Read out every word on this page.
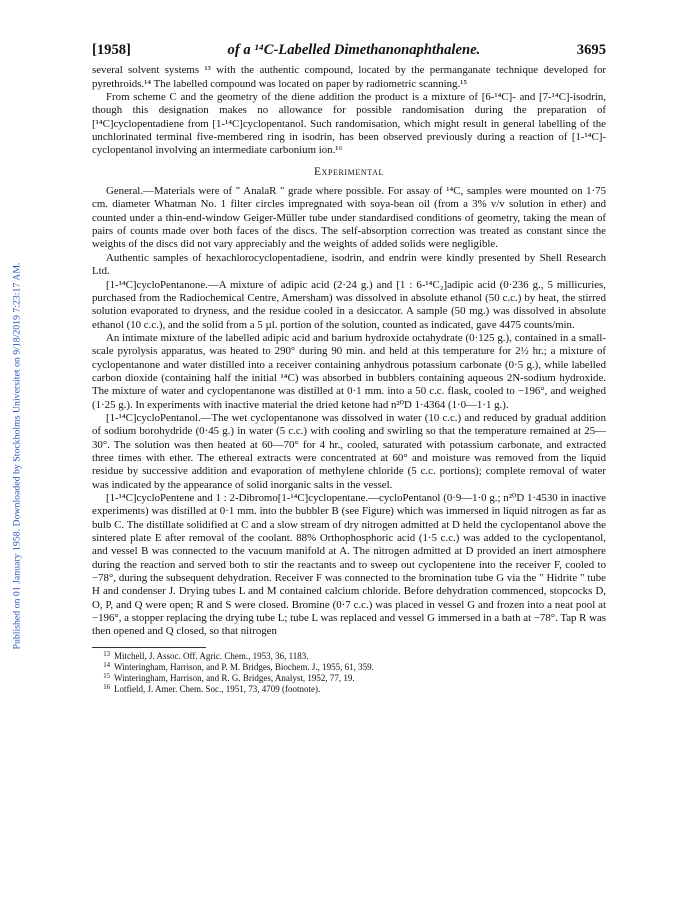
Published on 01 January 1958. Downloaded by Stockholms Universitet on 9/18/2019 7:23:17 AM.
[1958]	of a ¹⁴C-Labelled Dimethanonaphthalene.	3695

several solvent systems ¹³ with the authentic compound, located by the permanganate technique developed for pyrethroids.¹⁴ The labelled compound was located on paper by radiometric scanning.¹⁵

From scheme C and the geometry of the diene addition the product is a mixture of [6-¹⁴C]- and [7-¹⁴C]-isodrin, though this designation makes no allowance for possible randomisation during the preparation of [¹⁴C]cyclopentadiene from [1-¹⁴C]cyclopentanol. Such randomisation, which might result in general labelling of the unchlorinated terminal five-membered ring in isodrin, has been observed previously during a reaction of [1-¹⁴C]-cyclopentanol involving an intermediate carbonium ion.¹⁶

Experimental

General.—Materials were of " AnalaR " grade where possible. For assay of ¹⁴C, samples were mounted on 1·75 cm. diameter Whatman No. 1 filter circles impregnated with soya-bean oil (from a 3% v/v solution in ether) and counted under a thin-end-window Geiger-Müller tube under standardised conditions of geometry, taking the mean of pairs of counts made over both faces of the discs. The self-absorption correction was treated as constant since the weights of the discs did not vary appreciably and the weights of added solids were negligible.

Authentic samples of hexachlorocyclopentadiene, isodrin, and endrin were kindly presented by Shell Research Ltd.

[1-¹⁴C]cycloPentanone.—A mixture of adipic acid (2·24 g.) and [1 : 6-¹⁴C₂]adipic acid (0·236 g., 5 millicuries, purchased from the Radiochemical Centre, Amersham) was dissolved in absolute ethanol (50 c.c.) by heat, the stirred solution evaporated to dryness, and the residue cooled in a desiccator. A sample (50 mg.) was dissolved in absolute ethanol (10 c.c.), and the solid from a 5 µl. portion of the solution, counted as indicated, gave 4475 counts/min.

An intimate mixture of the labelled adipic acid and barium hydroxide octahydrate (0·125 g.), contained in a small-scale pyrolysis apparatus, was heated to 290° during 90 min. and held at this temperature for 2½ hr.; a mixture of cyclopentanone and water distilled into a receiver containing anhydrous potassium carbonate (0·5 g.), while labelled carbon dioxide (containing half the initial ¹⁴C) was absorbed in bubblers containing aqueous 2N-sodium hydroxide. The mixture of water and cyclopentanone was distilled at 0·1 mm. into a 50 c.c. flask, cooled to −196°, and weighed (1·25 g.). In experiments with inactive material the dried ketone had n²⁰D 1·4364 (1·0—1·1 g.).

[1-¹⁴C]cycloPentanol.—The wet cyclopentanone was dissolved in water (10 c.c.) and reduced by gradual addition of sodium borohydride (0·45 g.) in water (5 c.c.) with cooling and swirling so that the temperature remained at 25—30°. The solution was then heated at 60—70° for 4 hr., cooled, saturated with potassium carbonate, and extracted three times with ether. The ethereal extracts were concentrated at 60° and moisture was removed from the liquid residue by successive addition and evaporation of methylene chloride (5 c.c. portions); complete removal of water was indicated by the appearance of solid inorganic salts in the vessel.

[1-¹⁴C]cycloPentene and 1 : 2-Dibromo[1-¹⁴C]cyclopentane.—cycloPentanol (0·9—1·0 g.; n²⁰D 1·4530 in inactive experiments) was distilled at 0·1 mm. into the bubbler B (see Figure) which was immersed in liquid nitrogen as far as bulb C. The distillate solidified at C and a slow stream of dry nitrogen admitted at D held the cyclopentanol above the sintered plate E after removal of the coolant. 88% Orthophosphoric acid (1·5 c.c.) was added to the cyclopentanol, and vessel B was connected to the vacuum manifold at A. The nitrogen admitted at D provided an inert atmosphere during the reaction and served both to stir the reactants and to sweep out cyclopentene into the receiver F, cooled to −78°, during the subsequent dehydration. Receiver F was connected to the bromination tube G via the " Hidrite " tube H and condenser J. Drying tubes L and M contained calcium chloride. Before dehydration commenced, stopcocks D, O, P, and Q were open; R and S were closed. Bromine (0·7 c.c.) was placed in vessel G and frozen into a neat pool at −196°, a stopper replacing the drying tube L; tube L was replaced and vessel G immersed in a bath at −78°. Tap R was then opened and Q closed, so that nitrogen

13 Mitchell, J. Assoc. Off. Agric. Chem., 1953, 36, 1183.
14 Winteringham, Harrison, and P. M. Bridges, Biochem. J., 1955, 61, 359.
15 Winteringham, Harrison, and R. G. Bridges, Analyst, 1952, 77, 19.
16 Lotfield, J. Amer. Chem. Soc., 1951, 73, 4709 (footnote).
